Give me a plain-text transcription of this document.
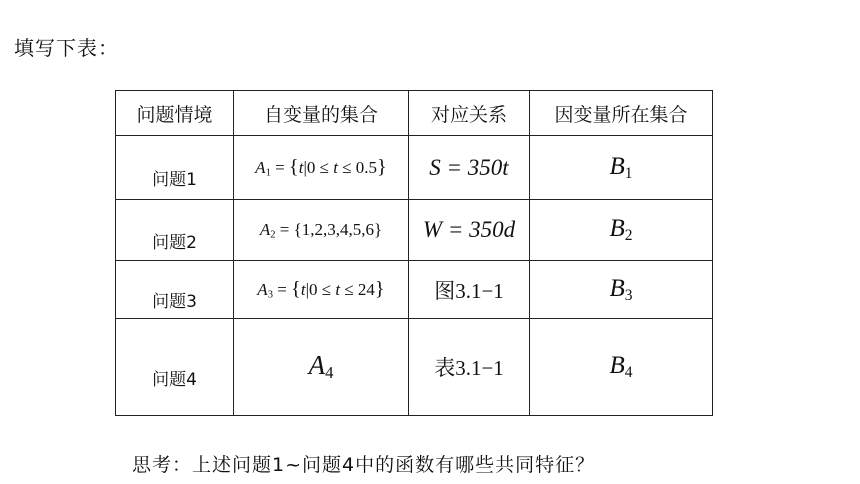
填写下表：
问题情境	自变量的集合	对应关系	因变量所在集合
问题1	$A_1 = \{t|0 \le t \le 0.5\}$	S = 350t	$B_1$
问题2	$A_2 = \{1,2,3,4,5,6\}$	W = 350d	$B_2$
问题3	$A_3 = \{t|0 \le t \le 24\}$	图3.1−1	$B_3$
问题4	$A_4$	表3.1−1	$B_4$
思考：上述问题1~问题4中的函数有哪些共同特征？
